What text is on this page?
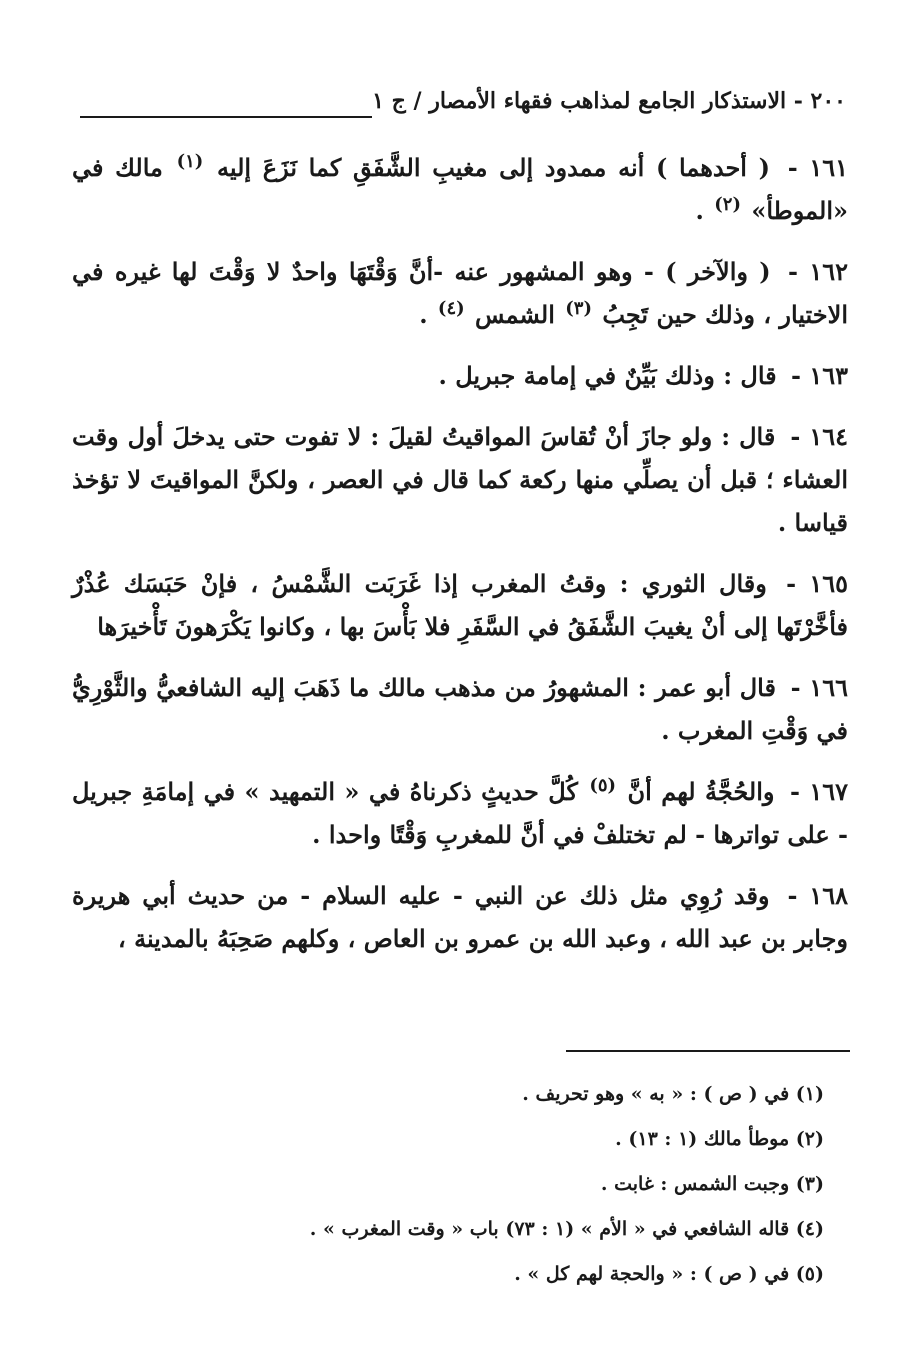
٢٠٠ - الاستذكار الجامع لمذاهب فقهاء الأمصار / ج ١

١٦١ - ( أحدهما ) أنه ممدود إلى مغيبِ الشَّفَقِ كما نَزَعَ إليه $^{(١)}$ مالك في «الموطأ» $^{(٢)}$ .

١٦٢ - ( والآخر ) - وهو المشهور عنه -أنَّ وَقْتَهَا واحدٌ لا وَقْتَ لها غيره في الاختيار ، وذلك حين تَجِبُ $^{(٣)}$ الشمس $^{(٤)}$ .

١٦٣ - قال : وذلك بَيِّنٌ في إمامة جبريل .

١٦٤ - قال : ولو جازَ أنْ تُقاسَ المواقيتُ لقيلَ : لا تفوت حتى يدخلَ أول وقت العشاء ؛ قبل أن يصلِّي منها ركعة كما قال في العصر ، ولكنَّ المواقيتَ لا تؤخذ قياسا .

١٦٥ - وقال الثوري : وقتُ المغرب إذا غَرَبَت الشَّمْسُ ، فإنْ حَبَسَك عُذْرٌ فأخَّرْتَها إلى أنْ يغيبَ الشَّفَقُ في السَّفَرِ فلا بَأْسَ بها ، وكانوا يَكْرَهونَ تَأْخيرَها

١٦٦ - قال أبو عمر : المشهورُ من مذهب مالك ما ذَهَبَ إليه الشافعيُّ والثَّوْرِيُّ في وَقْتِ المغرب .

١٦٧ - والحُجَّةُ لهم أنَّ $^{(٥)}$ كُلَّ حديثٍ ذكرناهُ في « التمهيد » في إمامَةِ جبريل - على تواترها - لم تختلفْ في أنَّ للمغربِ وَقْتًا واحدا .

١٦٨ - وقد رُوِي مثل ذلك عن النبي - عليه السلام - من حديث أبي هريرة وجابر بن عبد الله ، وعبد الله بن عمرو بن العاص ، وكلهم صَحِبَهُ بالمدينة ،

(١) في ( ص ) : « به » وهو تحريف .

(٢) موطأ مالك (١ : ١٣) .

(٣) وجبت الشمس : غابت .

(٤) قاله الشافعي في « الأم » (١ : ٧٣) باب « وقت المغرب » .

(٥) في ( ص ) : « والحجة لهم كل » .
